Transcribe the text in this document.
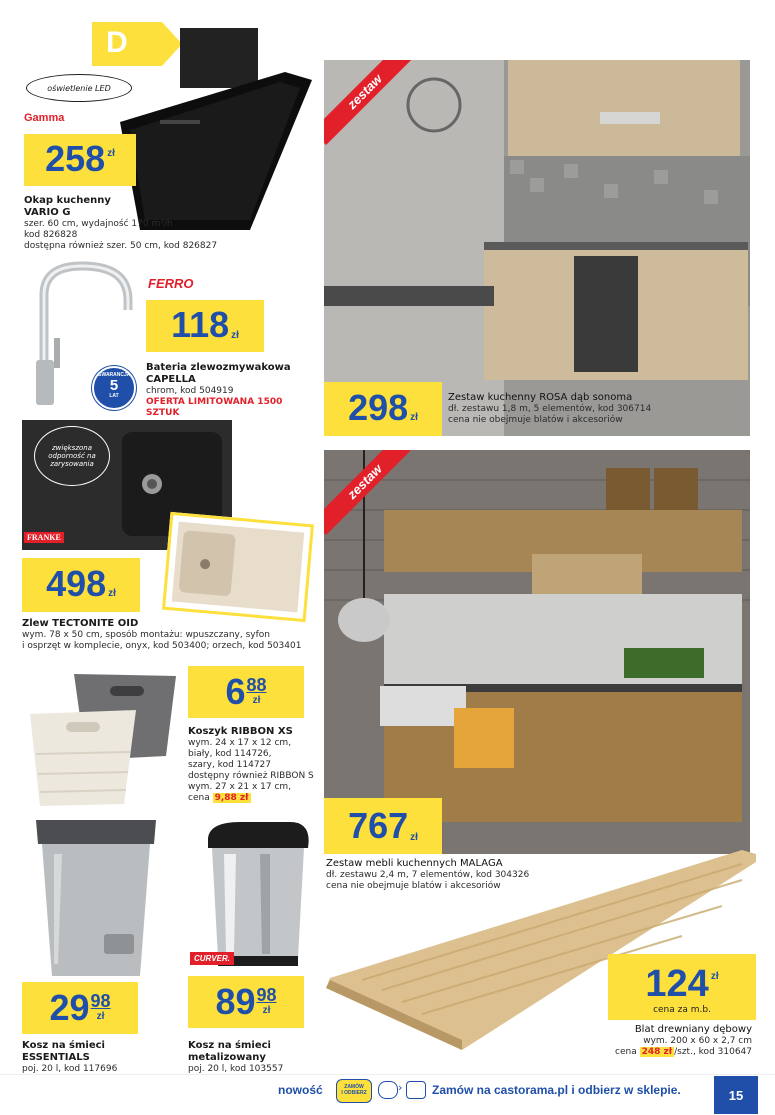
D
oświetlenie LED
Gamma
258 zł
Okap kuchenny
VARIO G
szer. 60 cm, wydajność 170 m³/h
kod 826828
dostępna również szer. 50 cm, kod 826827
FERRO
GWARANCJA
5
LAT
118 zł
Bateria zlewozmywakowa
CAPELLA
chrom, kod 504919
OFERTA LIMITOWANA 1500 SZTUK
zwiększona odporność na zarysowania
FRANKE
498 zł
Zlew TECTONITE OID
wym. 78 x 50 cm, sposób montażu: wpuszczany, syfon
i osprzęt w komplecie, onyx, kod 503400; orzech, kod 503401
6 88
zł
Koszyk RIBBON XS
wym. 24 x 17 x 12 cm,
biały, kod 114726,
szary, kod 114727
dostępny również RIBBON S
wym. 27 x 21 x 17 cm,
cena 9,88 zł
29 98
zł
Kosz na śmieci
ESSENTIALS
poj. 20 l, kod 117696
CURVER.
89 98
zł
Kosz na śmieci
metalizowany
poj. 20 l, kod 103557
zestaw
298 zł
Zestaw kuchenny ROSA dąb sonoma
dł. zestawu 1,8 m, 5 elementów, kod 306714
cena nie obejmuje blatów i akcesoriów
zestaw
767 zł
Zestaw mebli kuchennych MALAGA
dł. zestawu 2,4 m, 7 elementów, kod 304326
cena nie obejmuje blatów i akcesoriów
124 zł
cena za m.b.
Blat drewniany dębowy
wym. 200 x 60 x 2,7 cm
cena 248 zł /szt., kod 310647
nowość	ZAMÓW
I ODBIERZ	› Zamów na castorama.pl i odbierz w sklepie.	15
